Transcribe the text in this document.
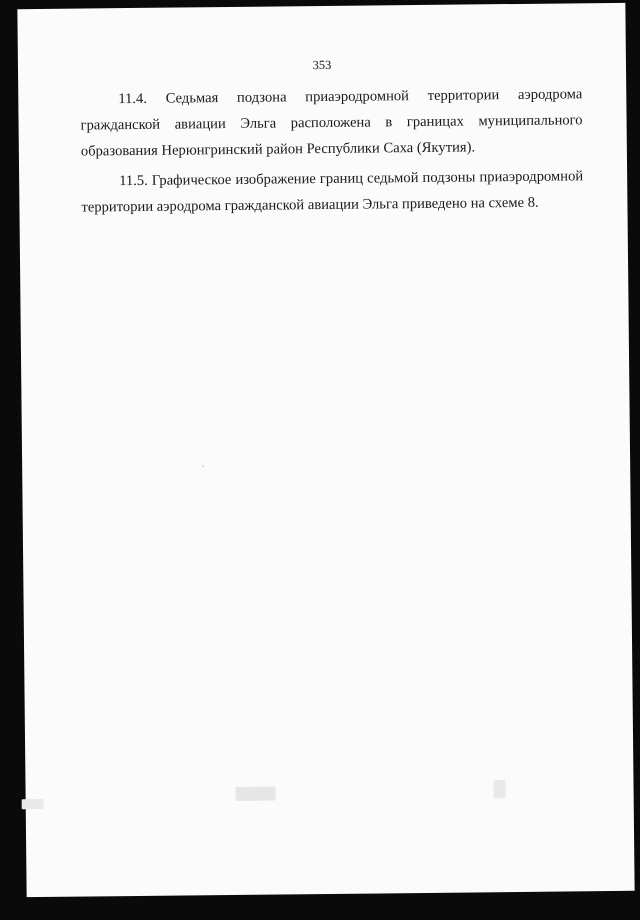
353

11.4. Седьмая подзона приаэродромной территории аэродрома гражданской авиации Эльга расположена в границах муниципального образования Нерюнгринский район Республики Саха (Якутия).

11.5. Графическое изображение границ седьмой подзоны приаэродромной территории аэродрома гражданской авиации Эльга приведено на схеме 8.
